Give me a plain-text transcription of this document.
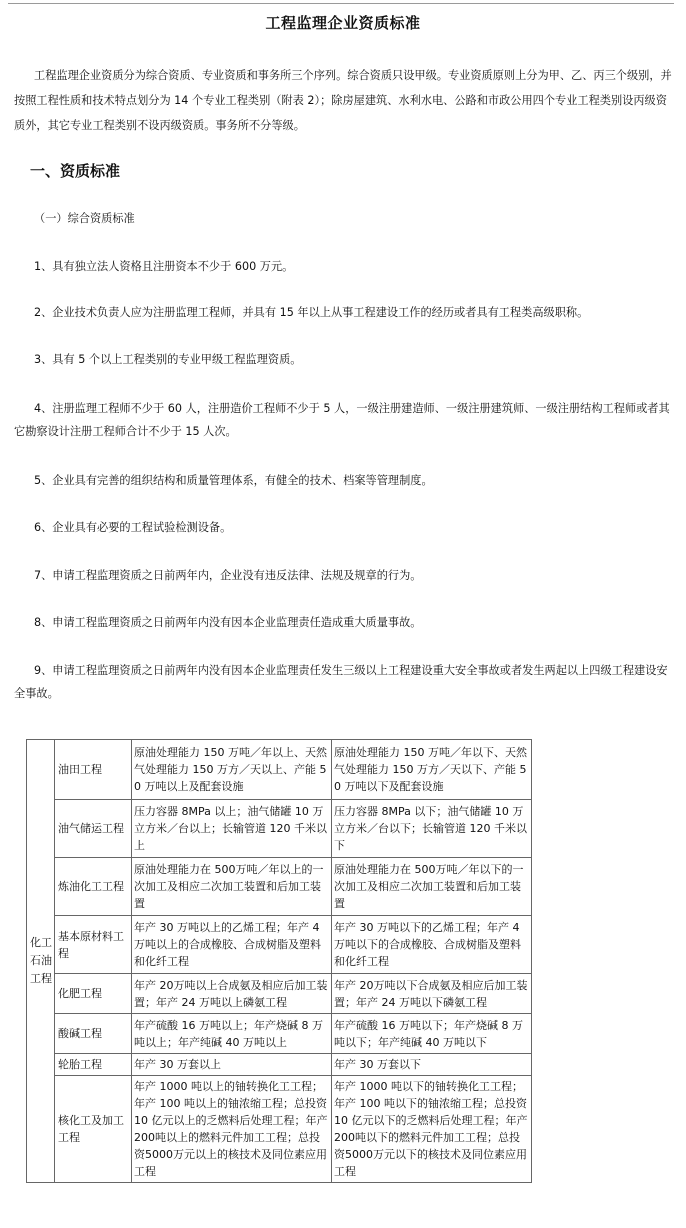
工程监理企业资质标准
工程监理企业资质分为综合资质、专业资质和事务所三个序列。综合资质只设甲级。专业资质原则上分为甲、乙、丙三个级别，并按照工程性质和技术特点划分为 14 个专业工程类别（附表 2）；除房屋建筑、水利水电、公路和市政公用四个专业工程类别设丙级资质外，其它专业工程类别不设丙级资质。事务所不分等级。
一、资质标准
（一）综合资质标准
1、具有独立法人资格且注册资本不少于 600 万元。
2、企业技术负责人应为注册监理工程师，并具有 15 年以上从事工程建设工作的经历或者具有工程类高级职称。
3、具有 5 个以上工程类别的专业甲级工程监理资质。
4、注册监理工程师不少于 60 人，注册造价工程师不少于 5 人，一级注册建造师、一级注册建筑师、一级注册结构工程师或者其它勘察设计注册工程师合计不少于 15 人次。
5、企业具有完善的组织结构和质量管理体系，有健全的技术、档案等管理制度。
6、企业具有必要的工程试验检测设备。
7、申请工程监理资质之日前两年内，企业没有违反法律、法规及规章的行为。
8、申请工程监理资质之日前两年内没有因本企业监理责任造成重大质量事故。
9、申请工程监理资质之日前两年内没有因本企业监理责任发生三级以上工程建设重大安全事故或者发生两起以上四级工程建设安全事故。
化工石油工程	油田工程	原油处理能力 150 万吨／年以上、天然气处理能力 150 万方／天以上、产能 50 万吨以上及配套设施	原油处理能力 150 万吨／年以下、天然气处理能力 150 万方／天以下、产能 50 万吨以下及配套设施	
	油气储运工程	压力容器 8MPa 以上；油气储罐 10 万立方米／台以上；长输管道 120 千米以上	压力容器 8MPa 以下；油气储罐 10 万立方米／台以下；长输管道 120 千米以下	
	炼油化工工程	原油处理能力在 500万吨／年以上的一次加工及相应二次加工装置和后加工装置	原油处理能力在 500万吨／年以下的一次加工及相应二次加工装置和后加工装置	
	基本原材料工程	年产 30 万吨以上的乙烯工程；年产 4 万吨以上的合成橡胶、合成树脂及塑料和化纤工程	年产 30 万吨以下的乙烯工程；年产 4 万吨以下的合成橡胶、合成树脂及塑料和化纤工程	
	化肥工程	年产 20万吨以上合成氨及相应后加工装置；年产 24 万吨以上磷氨工程	年产 20万吨以下合成氨及相应后加工装置；年产 24 万吨以下磷氨工程	
	酸碱工程	年产硫酸 16 万吨以上；年产烧碱 8 万吨以上；年产纯碱 40 万吨以上	年产硫酸 16 万吨以下；年产烧碱 8 万吨以下；年产纯碱 40 万吨以下	
	轮胎工程	年产 30 万套以上	年产 30 万套以下	
	核化工及加工工程	年产 1000 吨以上的铀转换化工工程；年产 100 吨以上的铀浓缩工程；总投资 10 亿元以上的乏燃料后处理工程；年产200吨以上的燃料元件加工工程；总投资5000万元以上的核技术及同位素应用工程	年产 1000 吨以下的铀转换化工工程；年产 100 吨以下的铀浓缩工程；总投资 10 亿元以下的乏燃料后处理工程；年产200吨以下的燃料元件加工工程；总投资5000万元以下的核技术及同位素应用工程	
